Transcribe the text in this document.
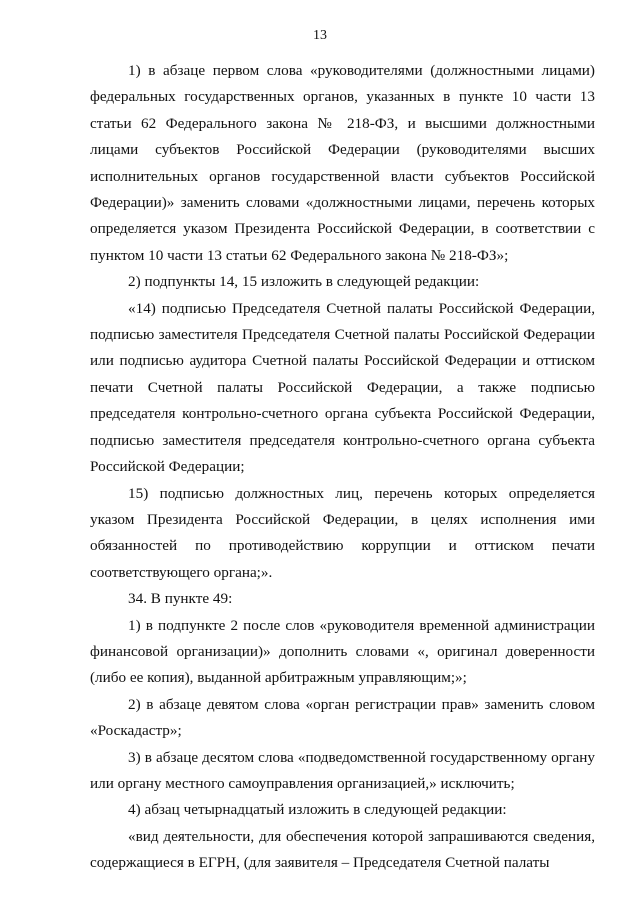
13

1) в абзаце первом слова «руководителями (должностными лицами) федеральных государственных органов, указанных в пункте 10 части 13 статьи 62 Федерального закона № 218-ФЗ, и высшими должностными лицами субъектов Российской Федерации (руководителями высших исполнительных органов государственной власти субъектов Российской Федерации)» заменить словами «должностными лицами, перечень которых определяется указом Президента Российской Федерации, в соответствии с пунктом 10 части 13 статьи 62 Федерального закона № 218-ФЗ»;

2) подпункты 14, 15 изложить в следующей редакции:

«14) подписью Председателя Счетной палаты Российской Федерации, подписью заместителя Председателя Счетной палаты Российской Федерации или подписью аудитора Счетной палаты Российской Федерации и оттиском печати Счетной палаты Российской Федерации, а также подписью председателя контрольно-счетного органа субъекта Российской Федерации, подписью заместителя председателя контрольно-счетного органа субъекта Российской Федерации;

15) подписью должностных лиц, перечень которых определяется указом Президента Российской Федерации, в целях исполнения ими обязанностей по противодействию коррупции и оттиском печати соответствующего органа;».

34. В пункте 49:

1) в подпункте 2 после слов «руководителя временной администрации финансовой организации)» дополнить словами «, оригинал доверенности (либо ее копия), выданной арбитражным управляющим;»;

2) в абзаце девятом слова «орган регистрации прав» заменить словом «Роскадастр»;

3) в абзаце десятом слова «подведомственной государственному органу или органу местного самоуправления организацией,» исключить;

4) абзац четырнадцатый изложить в следующей редакции:

«вид деятельности, для обеспечения которой запрашиваются сведения, содержащиеся в ЕГРН, (для заявителя – Председателя Счетной палаты
